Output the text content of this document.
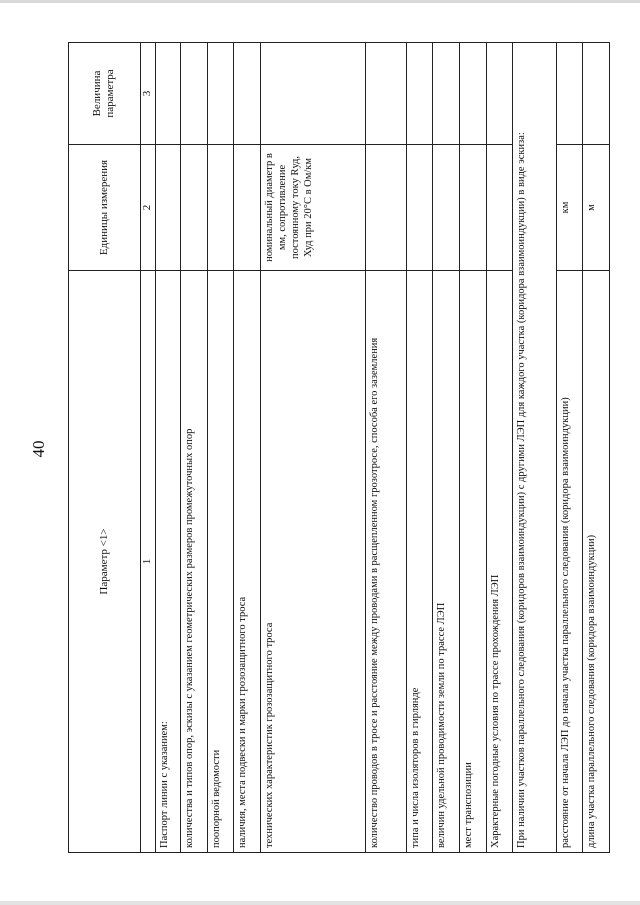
40
Параметр <1>	Единицы измерения	Величина параметра
1	2	3
Паспорт линии с указанием:		
количества и типов опор, эскизы с указанием геометрических размеров промежуточных опор		
поопорной ведомости		
наличия, места подвески и марки грозозащитного троса		
технических характеристик грозозащитного троса	номинальный диаметр в мм, сопротивление постоянному току Rуд, Худ при 20°C в Ом/км	
количество проводов в тросе и расстояние между проводами в расщепленном грозотросе, способа его заземления		
типа и числа изоляторов в гирлянде		
величин удельной проводимости земли по трассе ЛЭП		
мест транспозиции		
Характерные погодные условия по трассе прохождения ЛЭП		
При наличии участков параллельного следования (коридоров взаимоиндукции) с другими ЛЭП для каждого участка (коридора взаимоиндукции) в виде эскиза:		
расстояние от начала ЛЭП до начала участка параллельного следования (коридора взаимоиндукции)	км	
длина участка параллельного следования (коридора взаимоиндукции)	м	
